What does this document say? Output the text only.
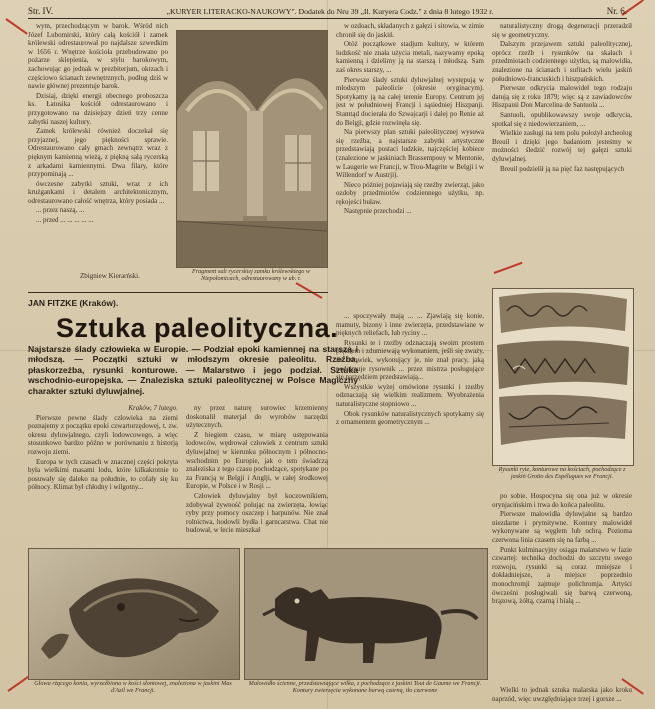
Str. IV.	„KURYER LITERACKO-NAUKOWY". Dodatek do Nru 39 „Il. Kuryera Codz." z dnia 8 lutego 1932 r.	Nr. 6.

wym, przechodzącym w barok. Wśród nich Józef Lubomirski, który całą kościół i zamek królewski odrestaurował po najdalsze szwedkim w 1656 r. Wnętrze kościoła przebudowano po pożarze sklepienia, w stylu barokowym, zachowując go jednak w prezbiterjum, okrzach i częściowo ścianach zewnętrznych, podług dziś w nawie głównej prezentuje barok.

Dzisiaj, dzięki energji obecnego proboszcza ks. Łatusika kościół odrestaurowano i przygotowano na dzisiejszy dzień trzy cenne zabytki naszej kultury.

Zamek królewski również doczekał się przyjaznej, jego piękności sprawie. Odrestaurowano cały gmach zewnątrz wraz z pięknym kamienną wieżą, z piękną salą rycerską z arkadami kamiennymi. Dwa filary, które przypominają ...

ówczesne zabytki sztuki, wraz z ich krużgankami i detalem architektonicznym, odrestaurowano całość wnętrza, który posiada ...

... przez naszą, ...

... przed ... ... ... ... ...

Zbigniew Kierarński.
Fragment sali rycerskiej zamku królewskiego w Niepołomicach, odrestaurowany w ub. r.

w ozdoach, składanych z gałęzi i sitowia, w zimie chronił się do jaskiń.

Otóż początkowe stadjum kultury, w którem ludzkość nie znała użycia metali, nazywamy epoką kamienną i dzielimy ją na starszą i młodszą. Sam zaś okres starszy, ...

Pierwsze ślady sztuki dyluwjalnej występują w młodszym paleolicie (okresie oryginacym). Spotykamy ją na całej terenie Europy. Centrum jej jest w południowej Francji i sąsiedniej Hiszpanji. Stamtąd docierała do Szwajcarji i dalej po Renie aż do Belgji, gdzie rozwinęła się.

Na pierwszy plan sztuki paleolitycznej wysuwa się rzeźba, a najstarsze zabytki artystyczne przedstawiają postaci ludzkie, najczęściej kobiece (znalezione w jaskiniach Brassempouy w Mentonie, w Laugerie we Francji, w Trou-Magrite w Belgji i w Willendorf w Austrji).

Nieco później pojawiają się rzeźby zwierząt, jako ozdoby przedmiotów codziennego użytku, np. rękojeści buław.

Następnie przechodzi ...

naturalistyczny drogą degeneracji przeradził się w geometryczny.

Dalszym przejawem sztuki paleolitycznej, oprócz rzeźb i rysunków na skałach i przedmiotach codziennego użytku, są malowidła, znalezione na ścianach i sufitach wielu jaskiń południowo-francuskich i hiszpańskich.

Pierwsze odkrycia malowideł tego rodzaju datują się z roku 1879; więc są z zawiadowców Hiszpanii Don Marcelina de Santuola ...

Santuoli, opublikowawszy swoje odkrycia, spotkał się z niedowierzaniem, ...

Wielkie zasługi na tem polu położył archeolog Breuil i dzięki jego badaniom jesteśmy w możności śledzić rozwój tej gałęzi sztuki dyluwjalnej.

Breuil podzielił ją na pięć faz następujących

JAN FITZKE (Kraków).
Sztuka paleolityczna.
Najstarsze ślady człowieka w Europie. — Podział epoki kamiennej na starszą i młodszą. — Początki sztuki w młodszym okresie paleolitu. Rzeźba, płaskorzeźba, rysunki konturowe. — Malarstwo i jego podział. Sztuka wschodnio-europejska. — Znaleziska sztuki paleolitycznej w Polsce Magiczny charakter sztuki dyluwjalnej.

Kraków, 7 lutego.

Pierwsze pewne ślady człowieka na ziemi poznajemy z początku epoki czwartorzędowej, t. zw. okresu dyluwjalnego, czyli lodowcowego, a więc stosunkowo bardzo późno w porównaniu z historją rozwoju ziemi.

Europa w tych czasach w znacznej części pokryta była wielkimi masami lodu, które kilkakrotnie to posuwały się daleko na południe, to cofały się ku północy. Klimat był chłodny i wilgotny...

ny przez naturę surowiec krzemienny doskonalił materjał do wyrobów narzędzi użytecznych.

Z biegiem czasu, w miarę ustępowania lodowców, wędrował człowiek z centrum sztuki dyluwjalnej w kierunku północnym i północno-wschodnim po Europie, jak o tem świadczą znaleziska z tego czasu pochodzące, spotykane po za Francją w Belgji i Anglji, w całej środkowej Europie, w Polsce i w Rosji ...

Człowiek dyluwjalny był koczownikiem, zdobywał żywność polując na zwierzęta, łowiąc ryby przy pomocy oszczep i harpunów. Nie znał rolnictwa, hodowli bydła i garncarstwa. Chat nie budował, w lecie mieszkał

... spoczywały mają ... ... Zjawiają się konie, mamuty, bizony i inne zwierzęta, przedstawiane w pięknych reliefach, lub ryciny ...

Rysunki te i rzeźby odznaczają swoim prostem pięknem i zdumiewają wykonaniem, jeśli się zważy, że człowiek, wykonujący je, nie znał pracy, jaką podejmuje rysownik ... przez mistrza posługujące się narzędziem przedstawiają...

Wszystkie wyżej omówione rysunki i rzeźby odznaczają się wielkim realizmem. Wyobrażenia naturalistyczne stopniowo ...

Obok rysunków naturalistycznych spotykamy się z ornamentem geometrycznym ...

Rysunki ryte, konturowe na kościach, pochodzące z jaskiń Grotto des Espélugues we Francji.

po sobie. Hospocyna się ona już w okresie orynjacińskim i trwa do końca paleolitu.

Pierwsze malowidła dyluwjalne są bardzo niezdarne i prymitywne. Kontury malowideł wykonywane są węglem lub ochrą. Pozioma czerwona linia czasem się na farbą ...

Punkt kulminacyjny osiąga malarstwo w fazie czwartej: technika dochodzi do szczytu swego rozwoju, rysunki są coraz mniejsze i dokładniejsze, a miejsce poprzednio monochromji zajmuje polichromja. Artyści ówcześni posługiwali się barwą czerwoną, brązową, żółtą, czarną i białą ...

Wielki to jednak sztuka malarska jako kroku naprzód, więc uwzględniające trzej i gorsze ...

Głowa rżącego konia, wyrzeźbiona w kości słoniowej, znaleziona w jaskini Mas d'Azil we Francji.
Malowidło ścienne, przedstawiające wilka, z pochodzące z jaskini Tout de Gaume we Francji. Kontury zwierzęcia wykonane barwą czarną, tło czerwone
